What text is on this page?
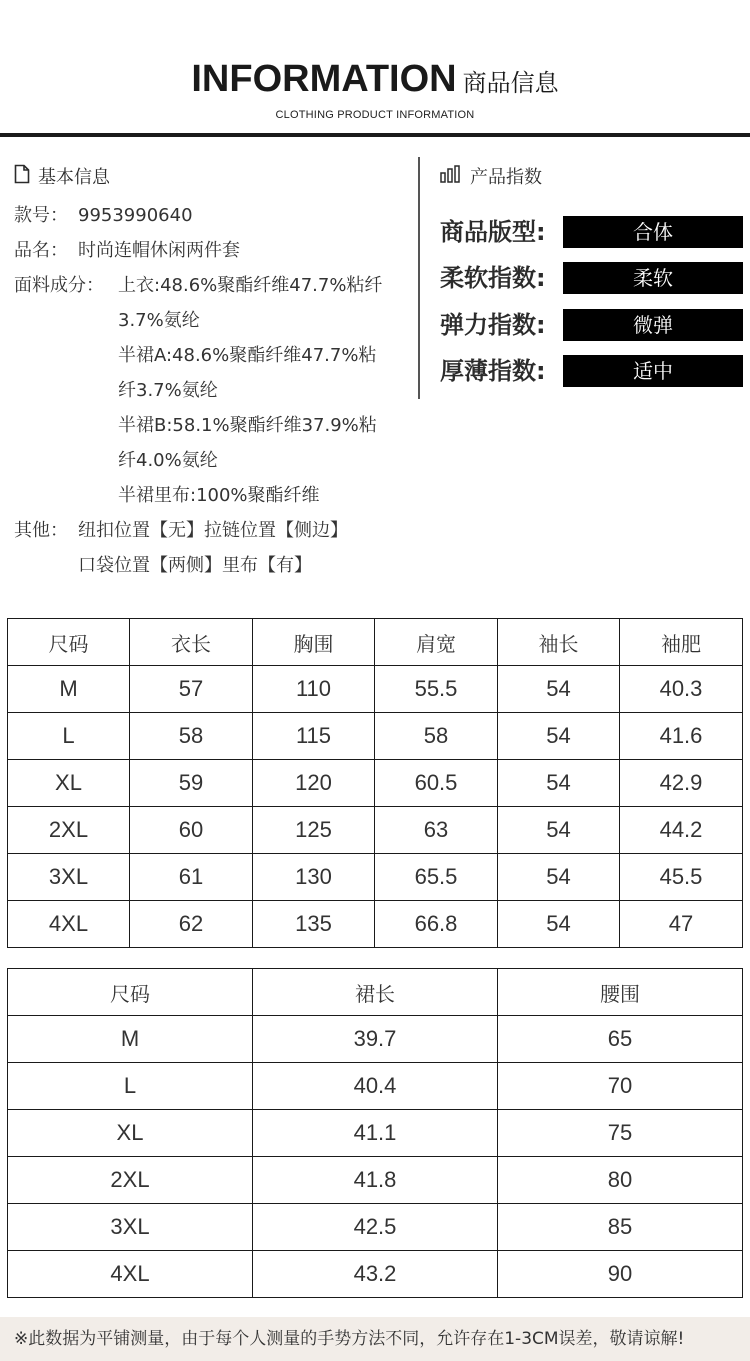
INFORMATION 商品信息
CLOTHING PRODUCT INFORMATION
基本信息
款号： 9953990640
品名： 时尚连帽休闲两件套
面料成分： 上衣:48.6%聚酯纤维47.7%粘纤
3.7%氨纶
半裙A:48.6%聚酯纤维47.7%粘
纤3.7%氨纶
半裙B:58.1%聚酯纤维37.9%粘
纤4.0%氨纶
半裙里布:100%聚酯纤维
其他： 纽扣位置【无】拉链位置【侧边】
口袋位置【两侧】里布【有】
产品指数
商品版型:	合体
柔软指数:	柔软
弹力指数:	微弹
厚薄指数:	适中
尺码	衣长	胸围	肩宽	袖长	袖肥
M	57	110	55.5	54	40.3
L	58	115	58	54	41.6
XL	59	120	60.5	54	42.9
2XL	60	125	63	54	44.2
3XL	61	130	65.5	54	45.5
4XL	62	135	66.8	54	47
尺码	裙长	腰围
M	39.7	65
L	40.4	70
XL	41.1	75
2XL	41.8	80
3XL	42.5	85
4XL	43.2	90
※此数据为平铺测量，由于每个人测量的手势方法不同，允许存在1-3CM误差，敬请谅解!
